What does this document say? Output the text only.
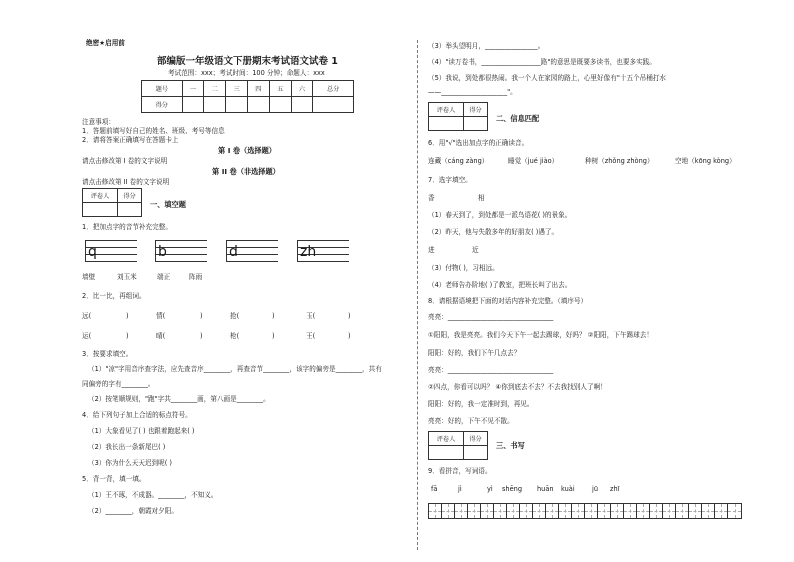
绝密★启用前
部编版一年级语文下册期末考试语文试卷 1
考试范围：xxx；考试时间：100 分钟；命题人：xxx
题号	一	二	三	四	五	六	总分
得分							
注意事项：
1．答题前填写好自己的姓名、班级、考号等信息
2．请将答案正确填写在答题卡上
第 I 卷（选择题）
请点击修改第 I 卷的文字说明
第 II 卷（非选择题）
请点击修改第 II 卷的文字说明
评卷人	得分

一、填空题
1．把加点字的音节补充完整。
q	b	d	zh
墙壁	刘玉米	端正	阵雨
2．比一比，再组词。
远(	)	情(	)	抢(	)	玉(	)
运(	)	晴(	)	枪(	)	王(	)
3．按要求填空。
（1）"凉"字用音序查字法，应先查音序________，再查音节________，该字的偏旁是________，共有
同偏旁的字有________。
（2）按笔顺规则，"跑"字共________画，第八画是________。
4．给下列句子加上合适的标点符号。
（1）大象看见了( ) 也跟着跑起来( )
（2）我长出一条新尾巴( )
（3）你为什么天天迟到呢( )
5．背一背，填一填。
（1）王不琢，不成器。________，不知义。
（2）________，朝霞对夕阳。
（3）举头望明月，________________。
（4）"读万卷书，__________________路"的意思是既要多读书，也要多实践。
（5）我说，到处都很热闹。我一个人在家园的路上，心里好像有"十五个吊桶打水
——____________________"。
评卷人	得分

二、信息匹配
6．用"√"选出加点字的正确读音。
连藏（cáng zàng）	睡觉（jué jiào）	种树（zhǒng zhòng）	空地（kōng kòng）
7．选字填空。
香	相
（1）春天到了，到处都是一派鸟语花( )的景象。
（2）昨天，他与失散多年的好朋友( )遇了。
进	近
（3）付物( )，习相远。
（4）老师告办阶地( )了教室，把班长叫了出去。
8．请根据语境把下面的对话内容补充完整。（填序号）
亮亮：________________________________
①阳阳，我是亮亮。我们今天下午一起去踢球，好吗？ ②阳阳，下午踢球去！
阳阳：好的，我们下午几点去？
亮亮：________________________________
②四点，你看可以吗？ ④你到底去不去？不去我找别人了啊！
阳阳：好的，我一定准时到，再见。
亮亮：好的，下午不见不散。
评卷人	得分

三、书写
9．看拼音，写词语。
fā	jì	yì shēng huān kuài	jū zhī
